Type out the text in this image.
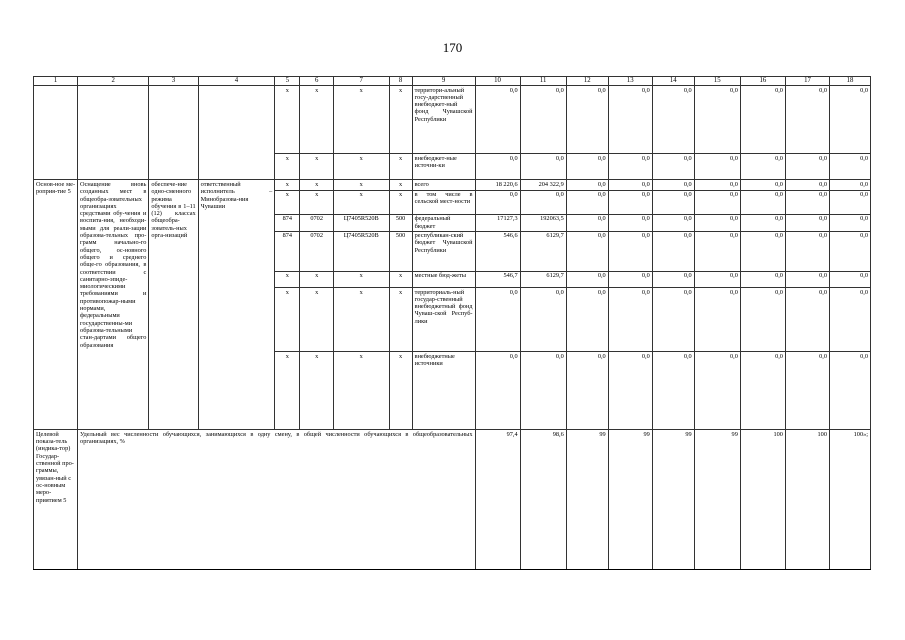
170
1	2	3	4	5	6	7	8	9	10	11	12	13	14	15	16	17	18
				x	x	x	x	территори-альный госу-дарственный внебюджет-ный фонд Чувашской Республики	0,0	0,0	0,0	0,0	0,0	0,0	0,0	0,0	0,0
				x	x	x	x	внебюджет-ные источни-ки	0,0	0,0	0,0	0,0	0,0	0,0	0,0	0,0	0,0
Основ-ное ме-роприя-тие 5	Оснащение вновь созданных мест в общеобра-зовательных организациях средствами обу-чения и воспита-ния, необходи-мыми для реали-зации образова-тельных про-грамм начально-го общего, ос-новного общего и среднего обще-го образования, в соответствии с санитарно-эпиде-миологическими требованиями и противопожар-ными нормами, федеральными государственны-ми образова-тельными стан-дартами общего образования	обеспече-ние одно-сменного режима обучения в 1–11 (12) классах общеобра-зователь-ных орга-низаций	ответственный исполнитель – Минобразова-ния Чувашии	x	x	x	x	всего	18 220,6	204 322,9	0,0	0,0	0,0	0,0	0,0	0,0	0,0
				x	x	x	x	в том числе в сельской мест-ности	0,0	0,0	0,0	0,0	0,0	0,0	0,0	0,0	0,0
				874	0702	Ц7405R520В	500	федеральный бюджет	17127,3	192063,5	0,0	0,0	0,0	0,0	0,0	0,0	0,0
				874	0702	Ц7405R520В	500	республикан-ский бюджет Чувашской Республики	546,6	6129,7	0,0	0,0	0,0	0,0	0,0	0,0	0,0
				x	x	x	x	местные бюд-жеты	546,7	6129,7	0,0	0,0	0,0	0,0	0,0	0,0	0,0
				x	x	x	x	территориаль-ный государ-ственный внебюджетный фонд Чуваш-ской Респуб-лики	0,0	0,0	0,0	0,0	0,0	0,0	0,0	0,0	0,0
				x	x	x	x	внебюджетные источники	0,0	0,0	0,0	0,0	0,0	0,0	0,0	0,0	0,0
Целевой показа-тель (индика-тор) Государ-ственной про-граммы, увязан-ный с ос-новным меро-приятием 5	Удельный вес численности обучающихся, занимающихся в одну смену, в общей численности обучающихся в общеобразовательных организациях, %								97,4	98,6	99	99	99	99	100	100	100»;
